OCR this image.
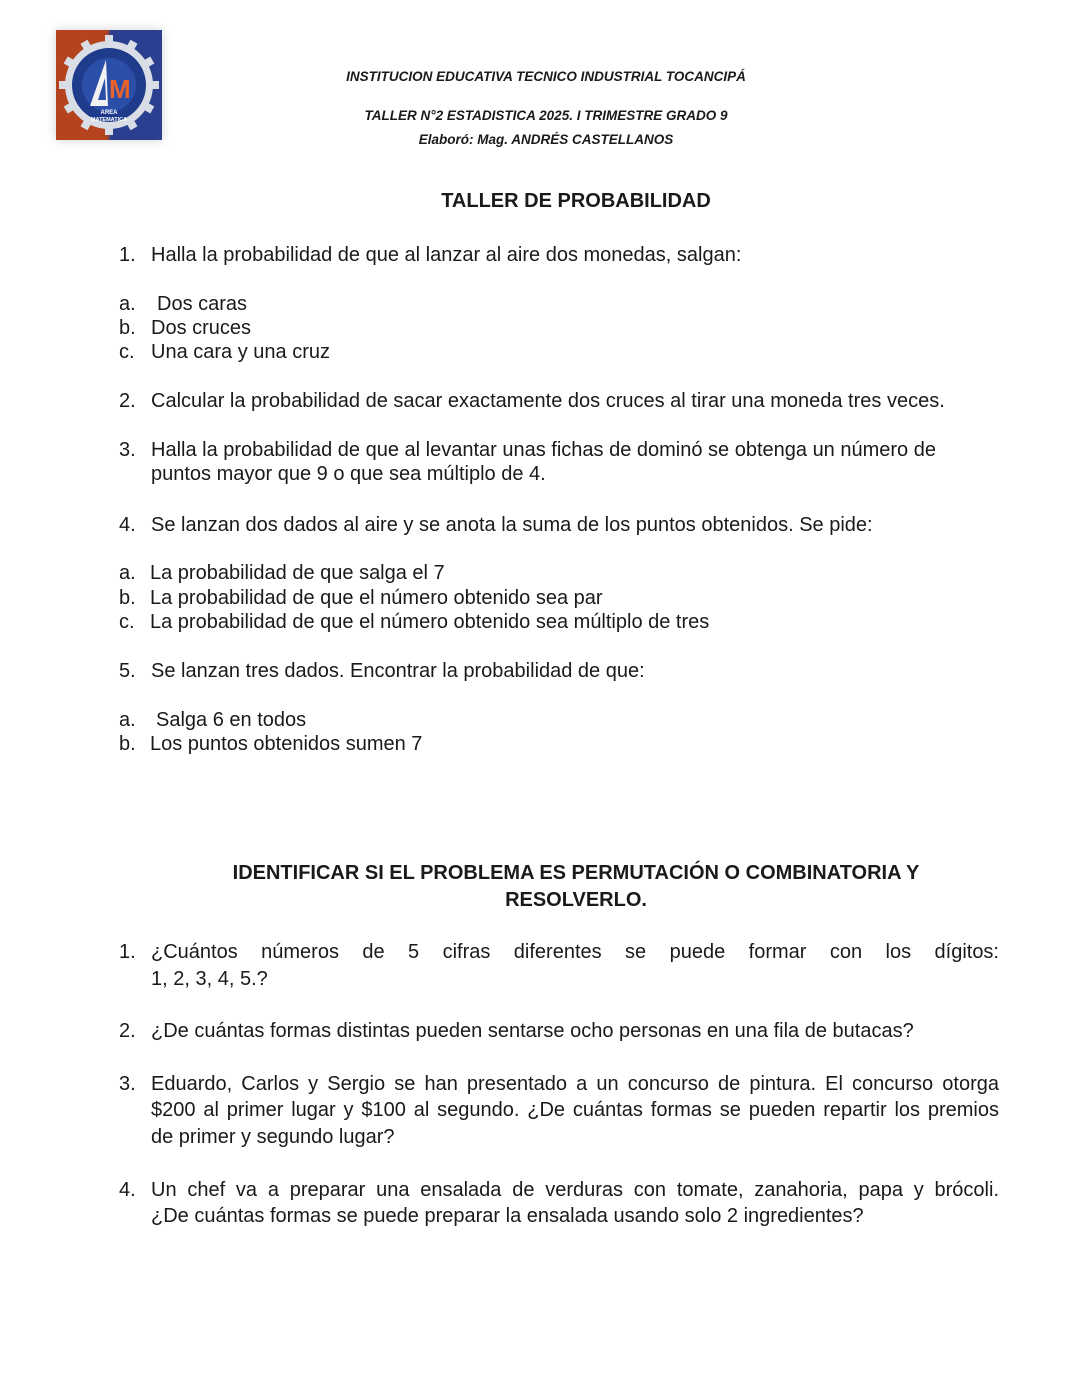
M
AREA
MATEMATICA
INSTITUCION EDUCATIVA TECNICO INDUSTRIAL TOCANCIPÁ
TALLER N°2 ESTADISTICA 2025. I TRIMESTRE GRADO 9
Elaboró: Mag. ANDRÉS CASTELLANOS
TALLER DE PROBABILIDAD
1. Halla la probabilidad de que al lanzar al aire dos monedas, salgan:
a. Dos caras
b. Dos cruces
c. Una cara y una cruz
2. Calcular la probabilidad de sacar exactamente dos cruces al tirar una moneda tres veces.
3. Halla la probabilidad de que al levantar unas fichas de dominó se obtenga un número de
puntos mayor que 9 o que sea múltiplo de 4.
4. Se lanzan dos dados al aire y se anota la suma de los puntos obtenidos. Se pide:
a. La probabilidad de que salga el 7
b. La probabilidad de que el número obtenido sea par
c. La probabilidad de que el número obtenido sea múltiplo de tres
5. Se lanzan tres dados. Encontrar la probabilidad de que:
a. Salga 6 en todos
b. Los puntos obtenidos sumen 7
IDENTIFICAR SI EL PROBLEMA ES PERMUTACIÓN O COMBINATORIA Y
RESOLVERLO.
1. ¿Cuántos números de 5 cifras diferentes se puede formar con los dígitos:
1, 2, 3, 4, 5.?
2. ¿De cuántas formas distintas pueden sentarse ocho personas en una fila de butacas?
3. Eduardo, Carlos y Sergio se han presentado a un concurso de pintura. El concurso otorga
$200 al primer lugar y $100 al segundo. ¿De cuántas formas se pueden repartir los premios
de primer y segundo lugar?
4. Un chef va a preparar una ensalada de verduras con tomate, zanahoria, papa y brócoli.
¿De cuántas formas se puede preparar la ensalada usando solo 2 ingredientes?
